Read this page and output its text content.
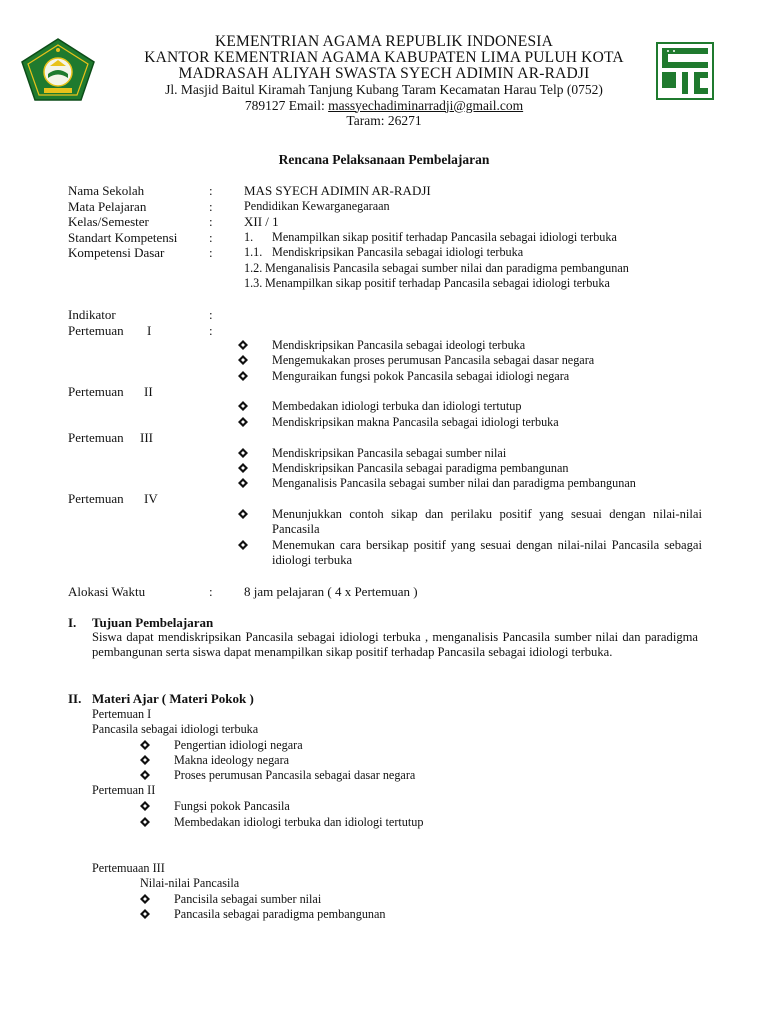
KEMENTRIAN AGAMA REPUBLIK INDONESIA
KANTOR KEMENTRIAN AGAMA KABUPATEN LIMA PULUH KOTA
MADRASAH ALIYAH SWASTA SYECH ADIMIN AR-RADJI
Jl. Masjid Baitul Kiramah Tanjung Kubang Taram Kecamatan Harau Telp (0752)
789127 Email: massyechadiminarradji@gmail.com
Taram: 26271
Rencana Pelaksanaan Pembelajaran
Nama Sekolah	: MAS SYECH ADIMIN AR-RADJI
Mata Pelajaran	:	Pendidikan Kewarganegaraan
Kelas/Semester	: XII / 1
Standart Kompetensi :	1. Menampilkan sikap positif terhadap Pancasila sebagai idiologi terbuka
Kompetensi Dasar	:	1.1. Mendiskripsikan Pancasila sebagai idiologi terbuka
1.2. Menganalisis Pancasila sebagai sumber nilai dan paradigma pembangunan
1.3. Menampilkan sikap positif terhadap Pancasila sebagai idiologi terbuka
Indikator	:
Pertemuan I	:
Mendiskripsikan Pancasila sebagai ideologi terbuka
Mengemukakan proses perumusan Pancasila sebagai dasar negara
Menguraikan fungsi pokok Pancasila sebagai idiologi negara
Pertemuan II
Membedakan idiologi terbuka dan idiologi tertutup
Mendiskripsikan makna Pancasila sebagai idiologi terbuka
Pertemuan III
Mendiskripsikan Pancasila sebagai sumber nilai
Mendiskripsikan Pancasila sebagai paradigma pembangunan
Menganalisis Pancasila sebagai sumber nilai dan paradigma pembangunan
Pertemuan IV
Menunjukkan contoh sikap dan perilaku positif yang sesuai dengan nilai-nilai Pancasila
Menemukan cara bersikap positif yang sesuai dengan nilai-nilai Pancasila sebagai idiologi terbuka
Alokasi Waktu	: 8 jam pelajaran ( 4 x Pertemuan )
I. Tujuan Pembelajaran
Siswa dapat mendiskripsikan Pancasila sebagai idiologi terbuka , menganalisis Pancasila sumber nilai dan paradigma pembangunan serta siswa dapat menampilkan sikap positif terhadap Pancasila sebagai idiologi terbuka.
II. Materi Ajar ( Materi Pokok )
Pertemuan I
Pancasila sebagai idiologi terbuka
Pengertian idiologi negara
Makna ideology negara
Proses perumusan Pancasila sebagai dasar negara
Pertemuan II
Fungsi pokok Pancasila
Membedakan idiologi terbuka dan idiologi tertutup
Pertemuaan III
Nilai-nilai Pancasila
Pancisila sebagai sumber nilai
Pancasila sebagai paradigma pembangunan
